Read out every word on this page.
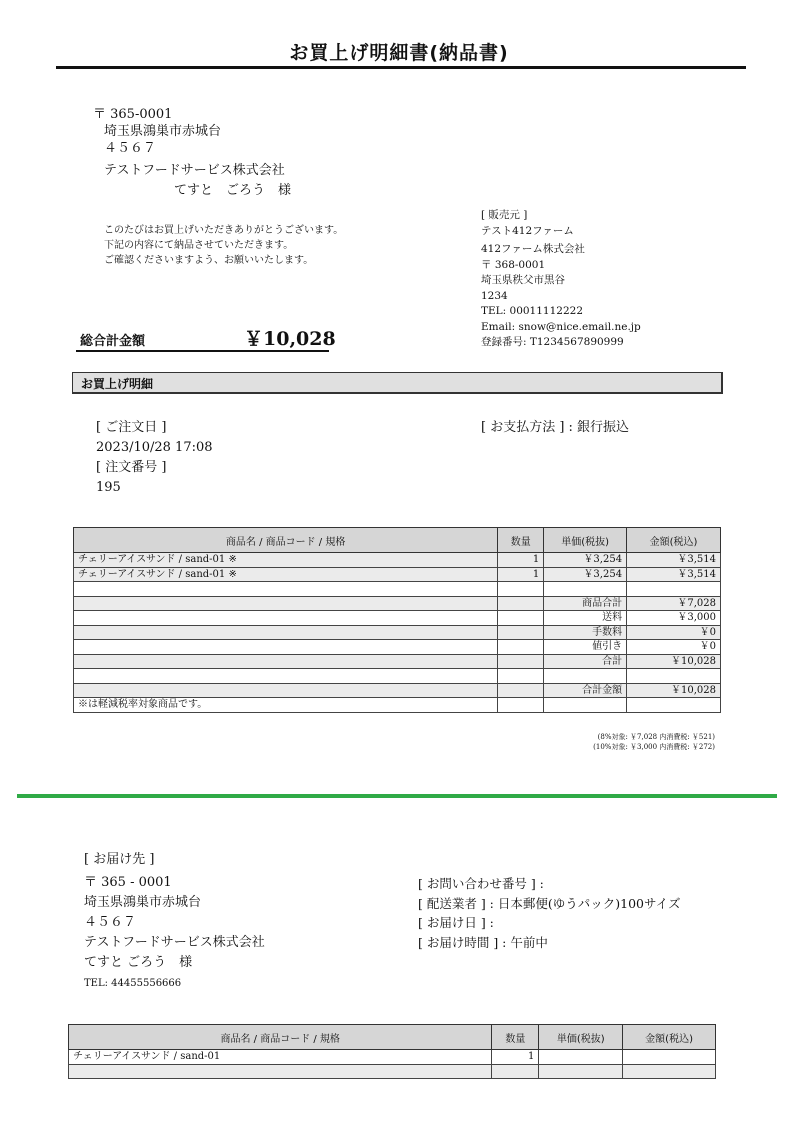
お買上げ明細書(納品書)
〒 365-0001
埼玉県鴻巣市赤城台
４５６７
テストフードサービス株式会社
てすと　ごろう　様
このたびはお買上げいただきありがとうございます。
下記の内容にて納品させていただきます。
ご確認くださいますよう、お願いいたします。
[ 販売元 ]
テスト412ファーム
412ファーム株式会社
〒 368-0001
埼玉県秩父市黒谷
1234
TEL: 00011112222
Email: snow@nice.email.ne.jp
登録番号: T1234567890999
総合計金額	￥10,028
お買上げ明細
[ ご注文日 ]
2023/10/28 17:08
[ 注文番号 ]
195
[ お支払方法 ] : 銀行振込
商品名 / 商品コード / 規格	数量	単価(税抜)	金額(税込)
チェリーアイスサンド / sand-01 ※	1	￥3,254	￥3,514
チェリーアイスサンド / sand-01 ※	1	￥3,254	￥3,514

		商品合計	￥7,028
		送料	￥3,000
		手数料	￥0
		値引き	￥0
		合計	￥10,028

		合計金額	￥10,028
※は軽減税率対象商品です。			
(8%対象: ￥7,028 内消費税: ￥521)
(10%対象: ￥3,000 内消費税: ￥272)
[ お届け先 ]
〒 365 - 0001
埼玉県鴻巣市赤城台
４５６７
テストフードサービス株式会社
てすと ごろう　様
TEL: 44455556666
[ お問い合わせ番号 ] :
[ 配送業者 ] : 日本郵便(ゆうパック)100サイズ
[ お届け日 ] :
[ お届け時間 ] : 午前中
商品名 / 商品コード / 規格	数量	単価(税抜)	金額(税込)
チェリーアイスサンド / sand-01	1		
